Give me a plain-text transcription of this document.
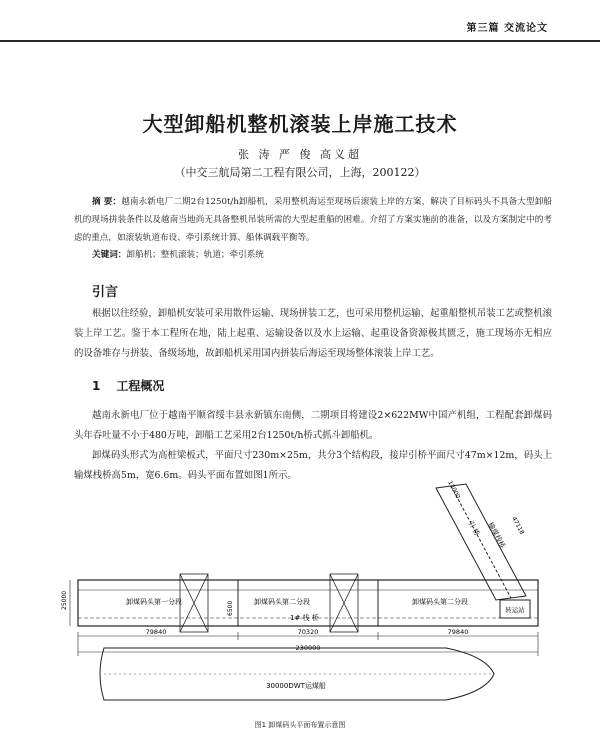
第三篇 交流论文
大型卸船机整机滚装上岸施工技术
张 涛 严 俊 高义超
（中交三航局第二工程有限公司，上海，200122）
摘 要：越南永新电厂二期2台1250t/h卸船机，采用整机海运至现场后滚装上岸的方案，解决了目标码头不具备大型卸船机的现场拼装条件以及越南当地尚无具备整机吊装所需的大型起重船的困难。介绍了方案实施前的准备，以及方案制定中的考虑的重点，如滚装轨道布设、牵引系统计算、船体调载平衡等。
关键词：卸船机；整机滚装；轨道；牵引系统
引言
根据以往经验，卸船机安装可采用散件运输、现场拼装工艺，也可采用整机运输、起重船整机吊装工艺或整机滚装上岸工艺。鉴于本工程所在地，陆上起重、运输设备以及水上运输、起重设备资源极其匮乏，施工现场亦无相应的设备堆存与拼装、备级场地，故卸船机采用国内拼装后海运至现场整体滚装上岸工艺。
1 工程概况
越南永新电厂位于越南平顺省绥丰县永新镇东南侧，二期项目将建设2×622MW中国产机组，工程配套卸煤码头年吞吐量不小于480万吨，卸船工艺采用2台1250t/h桥式抓斗卸船机。
卸煤码头形式为高桩梁板式，平面尺寸230m×25m，共分3个结构段，接岸引桥平面尺寸47m×12m，码头上输煤栈桥高5m，宽6.6m。码头平面布置如图1所示。
引 桥 输煤栈桥
12000
47118
转运站
卸煤码头第一分段	卸煤码头第二分段	卸煤码头第二分段
1# 栈 桥
25000	6500
79840	70320	79840
230000
30000DWT运煤船
图1 卸煤码头平面布置示意图
